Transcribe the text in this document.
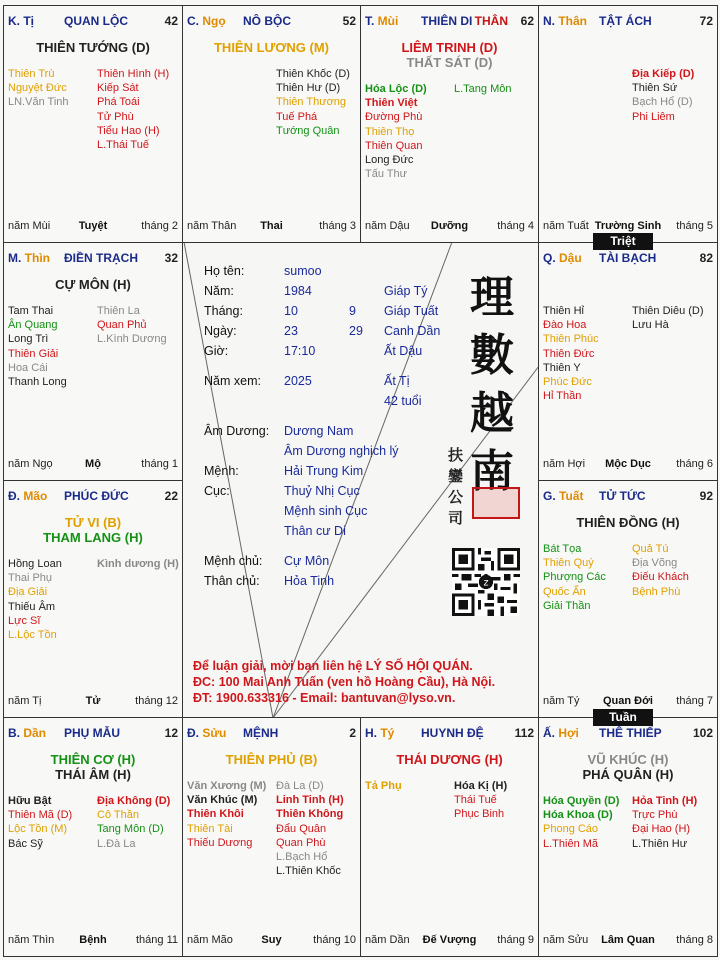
K. Tị	QUAN LỘC	42
THIÊN TƯỚNG (D)
Thiên Trù
Nguyệt Đức
LN.Văn Tinh
Thiên Hình (H)
Kiếp Sát
Phá Toái
Tử Phù
Tiểu Hao (H)
L.Thái Tuế
năm Mùi	Tuyệt	tháng 2
C. Ngọ NÔ BỘC	52
THIÊN LƯƠNG (M)
Thiên Khốc (D)
Thiên Hư (D)
Thiên Thương
Tuế Phá
Tướng Quân
năm Thân	Thai	tháng 3
T. Mùi THIÊN DI THÂN 62
LIÊM TRINH (D)
THẤT SÁT (D)
Hóa Lộc (D)
Thiên Việt
Đường Phù
Thiên Thọ
Thiên Quan
Long Đức
Tấu Thư
L.Tang Môn
năm Dậu	Dưỡng	tháng 4
N. Thân TẬT ÁCH	72
Địa Kiếp (D)
Thiên Sứ
Bạch Hổ (D)
Phi Liêm
năm Tuất Trường Sinh	tháng 5
M. Thìn ĐIỀN TRẠCH 32
CỰ MÔN (H)
Tam Thai
Ân Quang
Long Trì
Thiên Giải
Hoa Cái
Thanh Long
Thiên La
Quan Phủ
L.Kình Dương
năm Ngọ	Mộ	tháng 1
Q. Dậu TÀI BẠCH	82
Thiên Hỉ
Đào Hoa
Thiên Phúc
Thiên Đức
Thiên Y
Phúc Đức
Hỉ Thần
Thiên Diêu (D)
Lưu Hà
năm Hợi	Mộc Dục	tháng 6
Đ. Mão PHÚC ĐỨC	22
TỬ VI (B)
THAM LANG (H)
Hồng Loan
Thai Phụ
Địa Giải
Thiếu Âm
Lực Sĩ
L.Lộc Tồn
Kình dương (H)
năm Tị	Tử	tháng 12
G. Tuất TỬ TỨC	92
THIÊN ĐỒNG (H)
Bát Tọa
Thiên Quý
Phượng Các
Quốc Ấn
Giải Thần
Quả Tú
Địa Võng
Điếu Khách
Bệnh Phù
năm Tý	Quan Đới	tháng 7
B. Dần PHỤ MẪU	12
THIÊN CƠ (H)
THÁI ÂM (H)
Hữu Bật
Thiên Mã (D)
Lộc Tồn (M)
Bác Sỹ
Địa Không (D)
Cô Thần
Tang Môn (D)
L.Đà La
năm Thìn	Bệnh	tháng 11
Đ. Sửu MỆNH	2
THIÊN PHỦ (B)
Văn Xương (M)
Văn Khúc (M)
Thiên Khôi
Thiên Tài
Thiếu Dương
Đà La (D)
Linh Tinh (H)
Thiên Không
Đẩu Quân
Quan Phù
L.Bạch Hổ
L.Thiên Khốc
năm Mão	Suy	tháng 10
H. Tý HUYNH ĐỆ	112
THÁI DƯƠNG (H)
Tả Phụ	Hóa Kị (H)
Thái Tuế
Phục Binh
năm Dần	Đế Vượng	tháng 9
Ấ. Hợi THÊ THIẾP	102
VŨ KHÚC (H)
PHÁ QUÂN (H)
Hóa Quyền (D)
Hóa Khoa (D)
Phong Cáo
L.Thiên Mã
Hỏa Tinh (H)
Trực Phù
Đại Hao (H)
L.Thiên Hư
năm Sửu	Lâm Quan	tháng 8
Triệt
Tuần
Họ tên:	sumoo
Năm:	1984	Giáp Tý
Tháng:	10	9 Giáp Tuất
Ngày:	23	29 Canh Dần
Giờ:	17:10	Ất Dậu
Năm xem: 2025	Ất Tị
42 tuổi
Âm Dương: Dương Nam
Âm Dương nghịch lý
Mệnh:	Hải Trung Kim
Cục:	Thuỷ Nhị Cục
Mệnh sinh Cục
Thân cư Di
Mệnh chủ: Cự Môn
Thân chủ: Hỏa Tinh
理
數
越
南
扶鑾公司
z
Để luận giải, mời bạn liên hệ LÝ SỐ HỘI QUÁN.
ĐC: 100 Mai Anh Tuấn (ven hồ Hoàng Cầu), Hà Nội.
ĐT: 1900.633316 - Email: bantuvan@lyso.vn.
